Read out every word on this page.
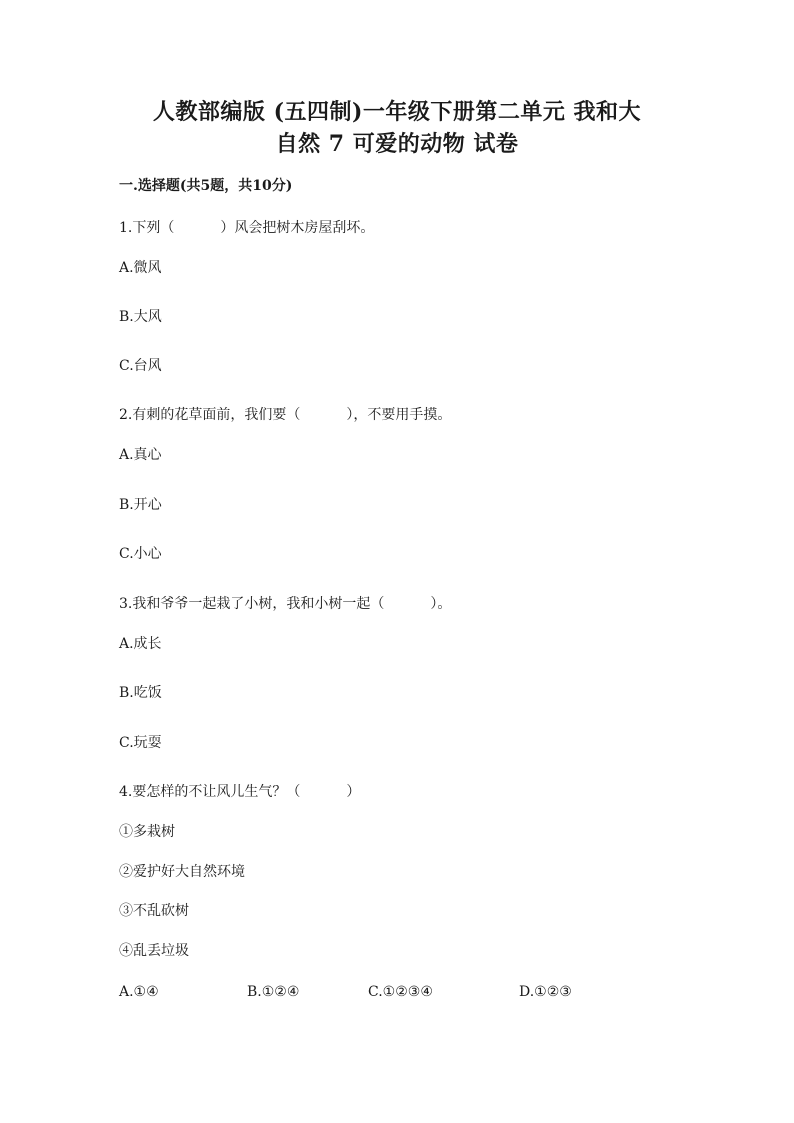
人教部编版 (五四制)一年级下册第二单元 我和大
自然 7 可爱的动物 试卷
一.选择题(共5题，共10分)
1.下列（	）风会把树木房屋刮坏。
A.微风
B.大风
C.台风
2.有刺的花草面前，我们要（	），不要用手摸。
A.真心
B.开心
C.小心
3.我和爷爷一起栽了小树，我和小树一起（	）。
A.成长
B.吃饭
C.玩耍
4.要怎样的不让风儿生气？（	）
①多栽树
②爱护好大自然环境
③不乱砍树
④乱丢垃圾
A.①④	B.①②④	C.①②③④	D.①②③
